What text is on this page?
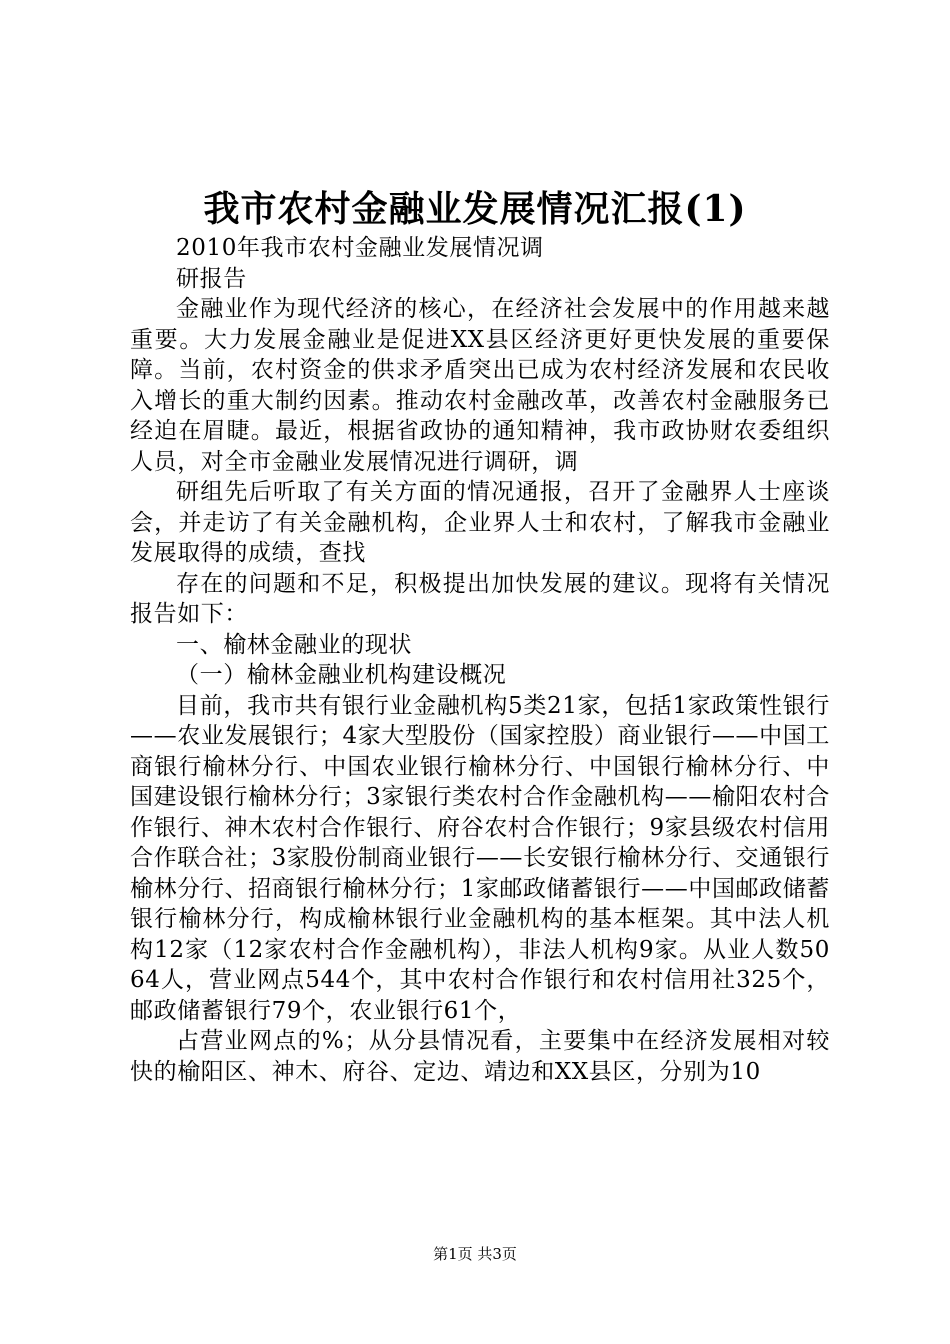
我市农村金融业发展情况汇报(1)

2010年我市农村金融业发展情况调

研报告

金融业作为现代经济的核心，在经济社会发展中的作用越来越重要。大力发展金融业是促进XX县区经济更好更快发展的重要保障。当前，农村资金的供求矛盾突出已成为农村经济发展和农民收入增长的重大制约因素。推动农村金融改革，改善农村金融服务已经迫在眉睫。最近，根据省政协的通知精神，我市政协财农委组织人员，对全市金融业发展情况进行调研，调

研组先后听取了有关方面的情况通报，召开了金融界人士座谈会，并走访了有关金融机构，企业界人士和农村，了解我市金融业发展取得的成绩，查找

存在的问题和不足，积极提出加快发展的建议。现将有关情况报告如下：

一、榆林金融业的现状

（一）榆林金融业机构建设概况

目前，我市共有银行业金融机构5类21家，包括1家政策性银行——农业发展银行；4家大型股份（国家控股）商业银行——中国工商银行榆林分行、中国农业银行榆林分行、中国银行榆林分行、中国建设银行榆林分行；3家银行类农村合作金融机构——榆阳农村合作银行、神木农村合作银行、府谷农村合作银行；9家县级农村信用合作联合社；3家股份制商业银行——长安银行榆林分行、交通银行榆林分行、招商银行榆林分行；1家邮政储蓄银行——中国邮政储蓄银行榆林分行，构成榆林银行业金融机构的基本框架。其中法人机构12家（12家农村合作金融机构），非法人机构9家。从业人数5064人，营业网点544个，其中农村合作银行和农村信用社325个，邮政储蓄银行79个，农业银行61个，

占营业网点的%；从分县情况看，主要集中在经济发展相对较快的榆阳区、神木、府谷、定边、靖边和XX县区，分别为10

第1页 共3页
